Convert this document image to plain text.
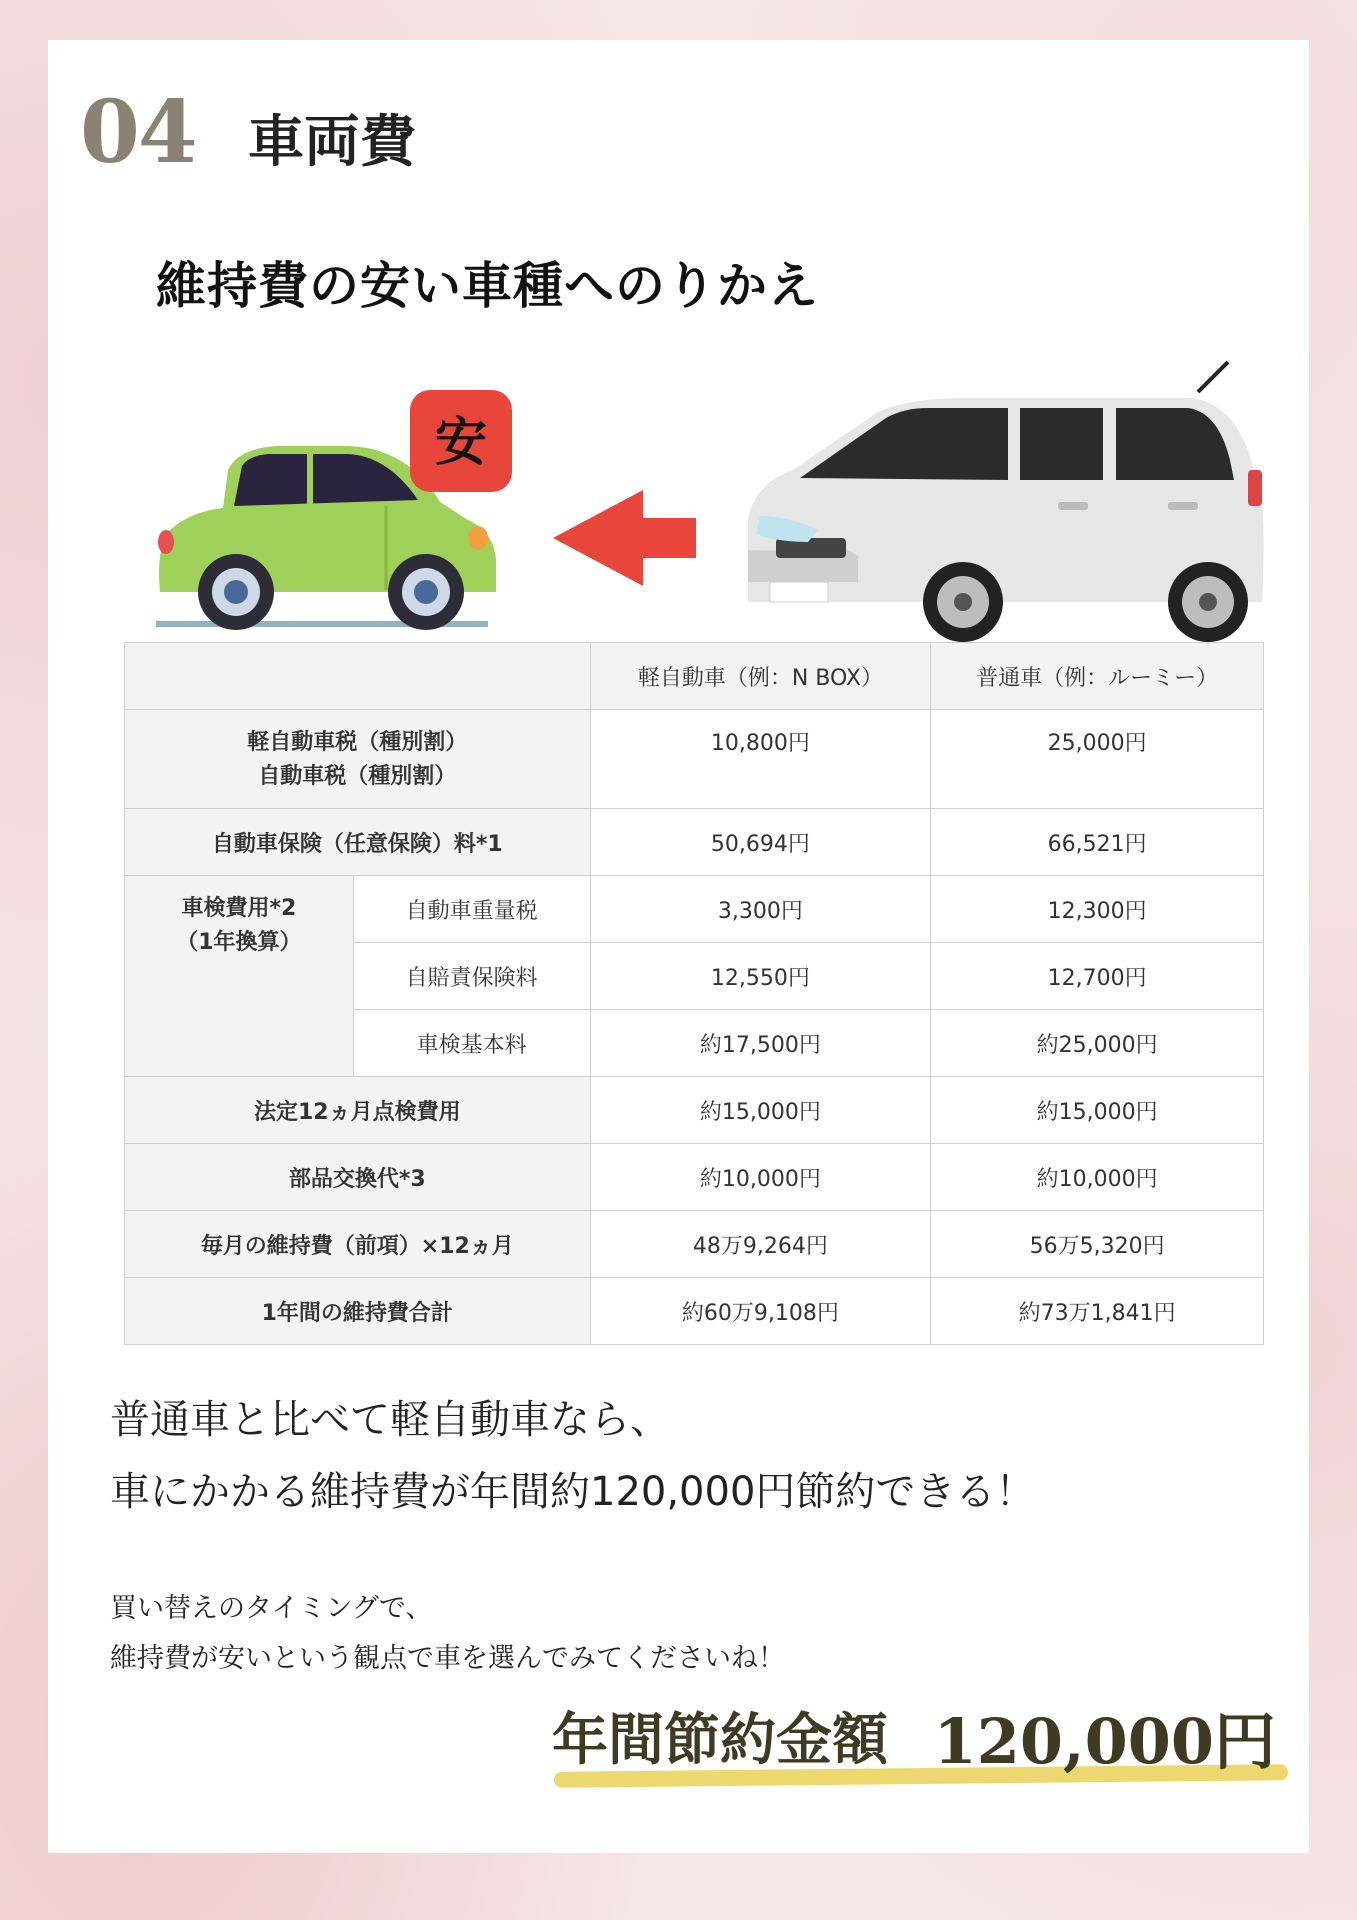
04 車両費
維持費の安い車種へのりかえ
安
		軽自動車（例：N BOX）	普通車（例：ルーミー）

軽自動車税（種別割）
自動車税（種別割）		10,800円	25,000円
自動車保険（任意保険）料*1		50,694円	66,521円

車検費用*2
（1年換算）	自動車重量税	3,300円	12,300円
	自賠責保険料	12,550円	12,700円
	車検基本料	約17,500円	約25,000円
法定12ヵ月点検費用		約15,000円	約15,000円
部品交換代*3		約10,000円	約10,000円
毎月の維持費（前項）×12ヵ月		48万9,264円	56万5,320円
1年間の維持費合計		約60万9,108円	約73万1,841円
普通車と比べて軽自動車なら、
車にかかる維持費が年間約120,000円節約できる！
買い替えのタイミングで、
維持費が安いという観点で車を選んでみてくださいね！
年間節約金額 120,000円
